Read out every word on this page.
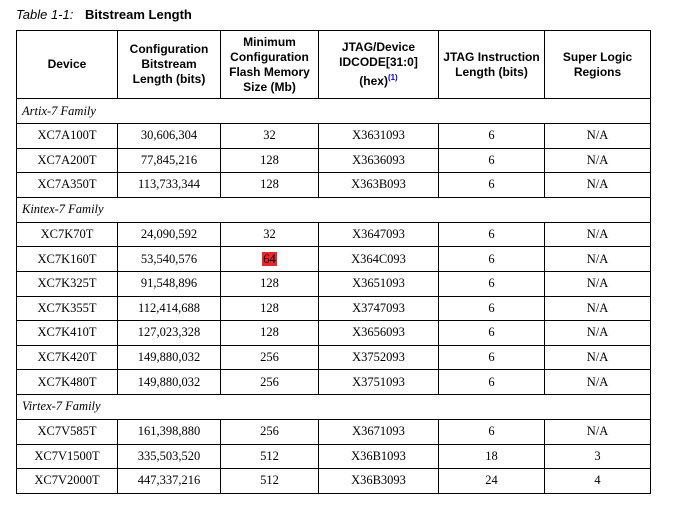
Table 1-1: Bitstream Length
Device	Configuration
Bitstream
Length (bits)	Minimum
Configuration
Flash Memory
Size (Mb)	JTAG/Device
IDCODE[31:0]
(hex)$^{(1)}$	JTAG Instruction
Length (bits)	Super Logic
Regions
Artix-7 Family					
XC7A100T	30,606,304	32	X3631093	6	N/A
XC7A200T	77,845,216	128	X3636093	6	N/A
XC7A350T	113,733,344	128	X363B093	6	N/A
Kintex-7 Family					
XC7K70T	24,090,592	32	X3647093	6	N/A
XC7K160T	53,540,576	64	X364C093	6	N/A
XC7K325T	91,548,896	128	X3651093	6	N/A
XC7K355T	112,414,688	128	X3747093	6	N/A
XC7K410T	127,023,328	128	X3656093	6	N/A
XC7K420T	149,880,032	256	X3752093	6	N/A
XC7K480T	149,880,032	256	X3751093	6	N/A
Virtex-7 Family					
XC7V585T	161,398,880	256	X3671093	6	N/A
XC7V1500T	335,503,520	512	X36B1093	18	3
XC7V2000T	447,337,216	512	X36B3093	24	4
